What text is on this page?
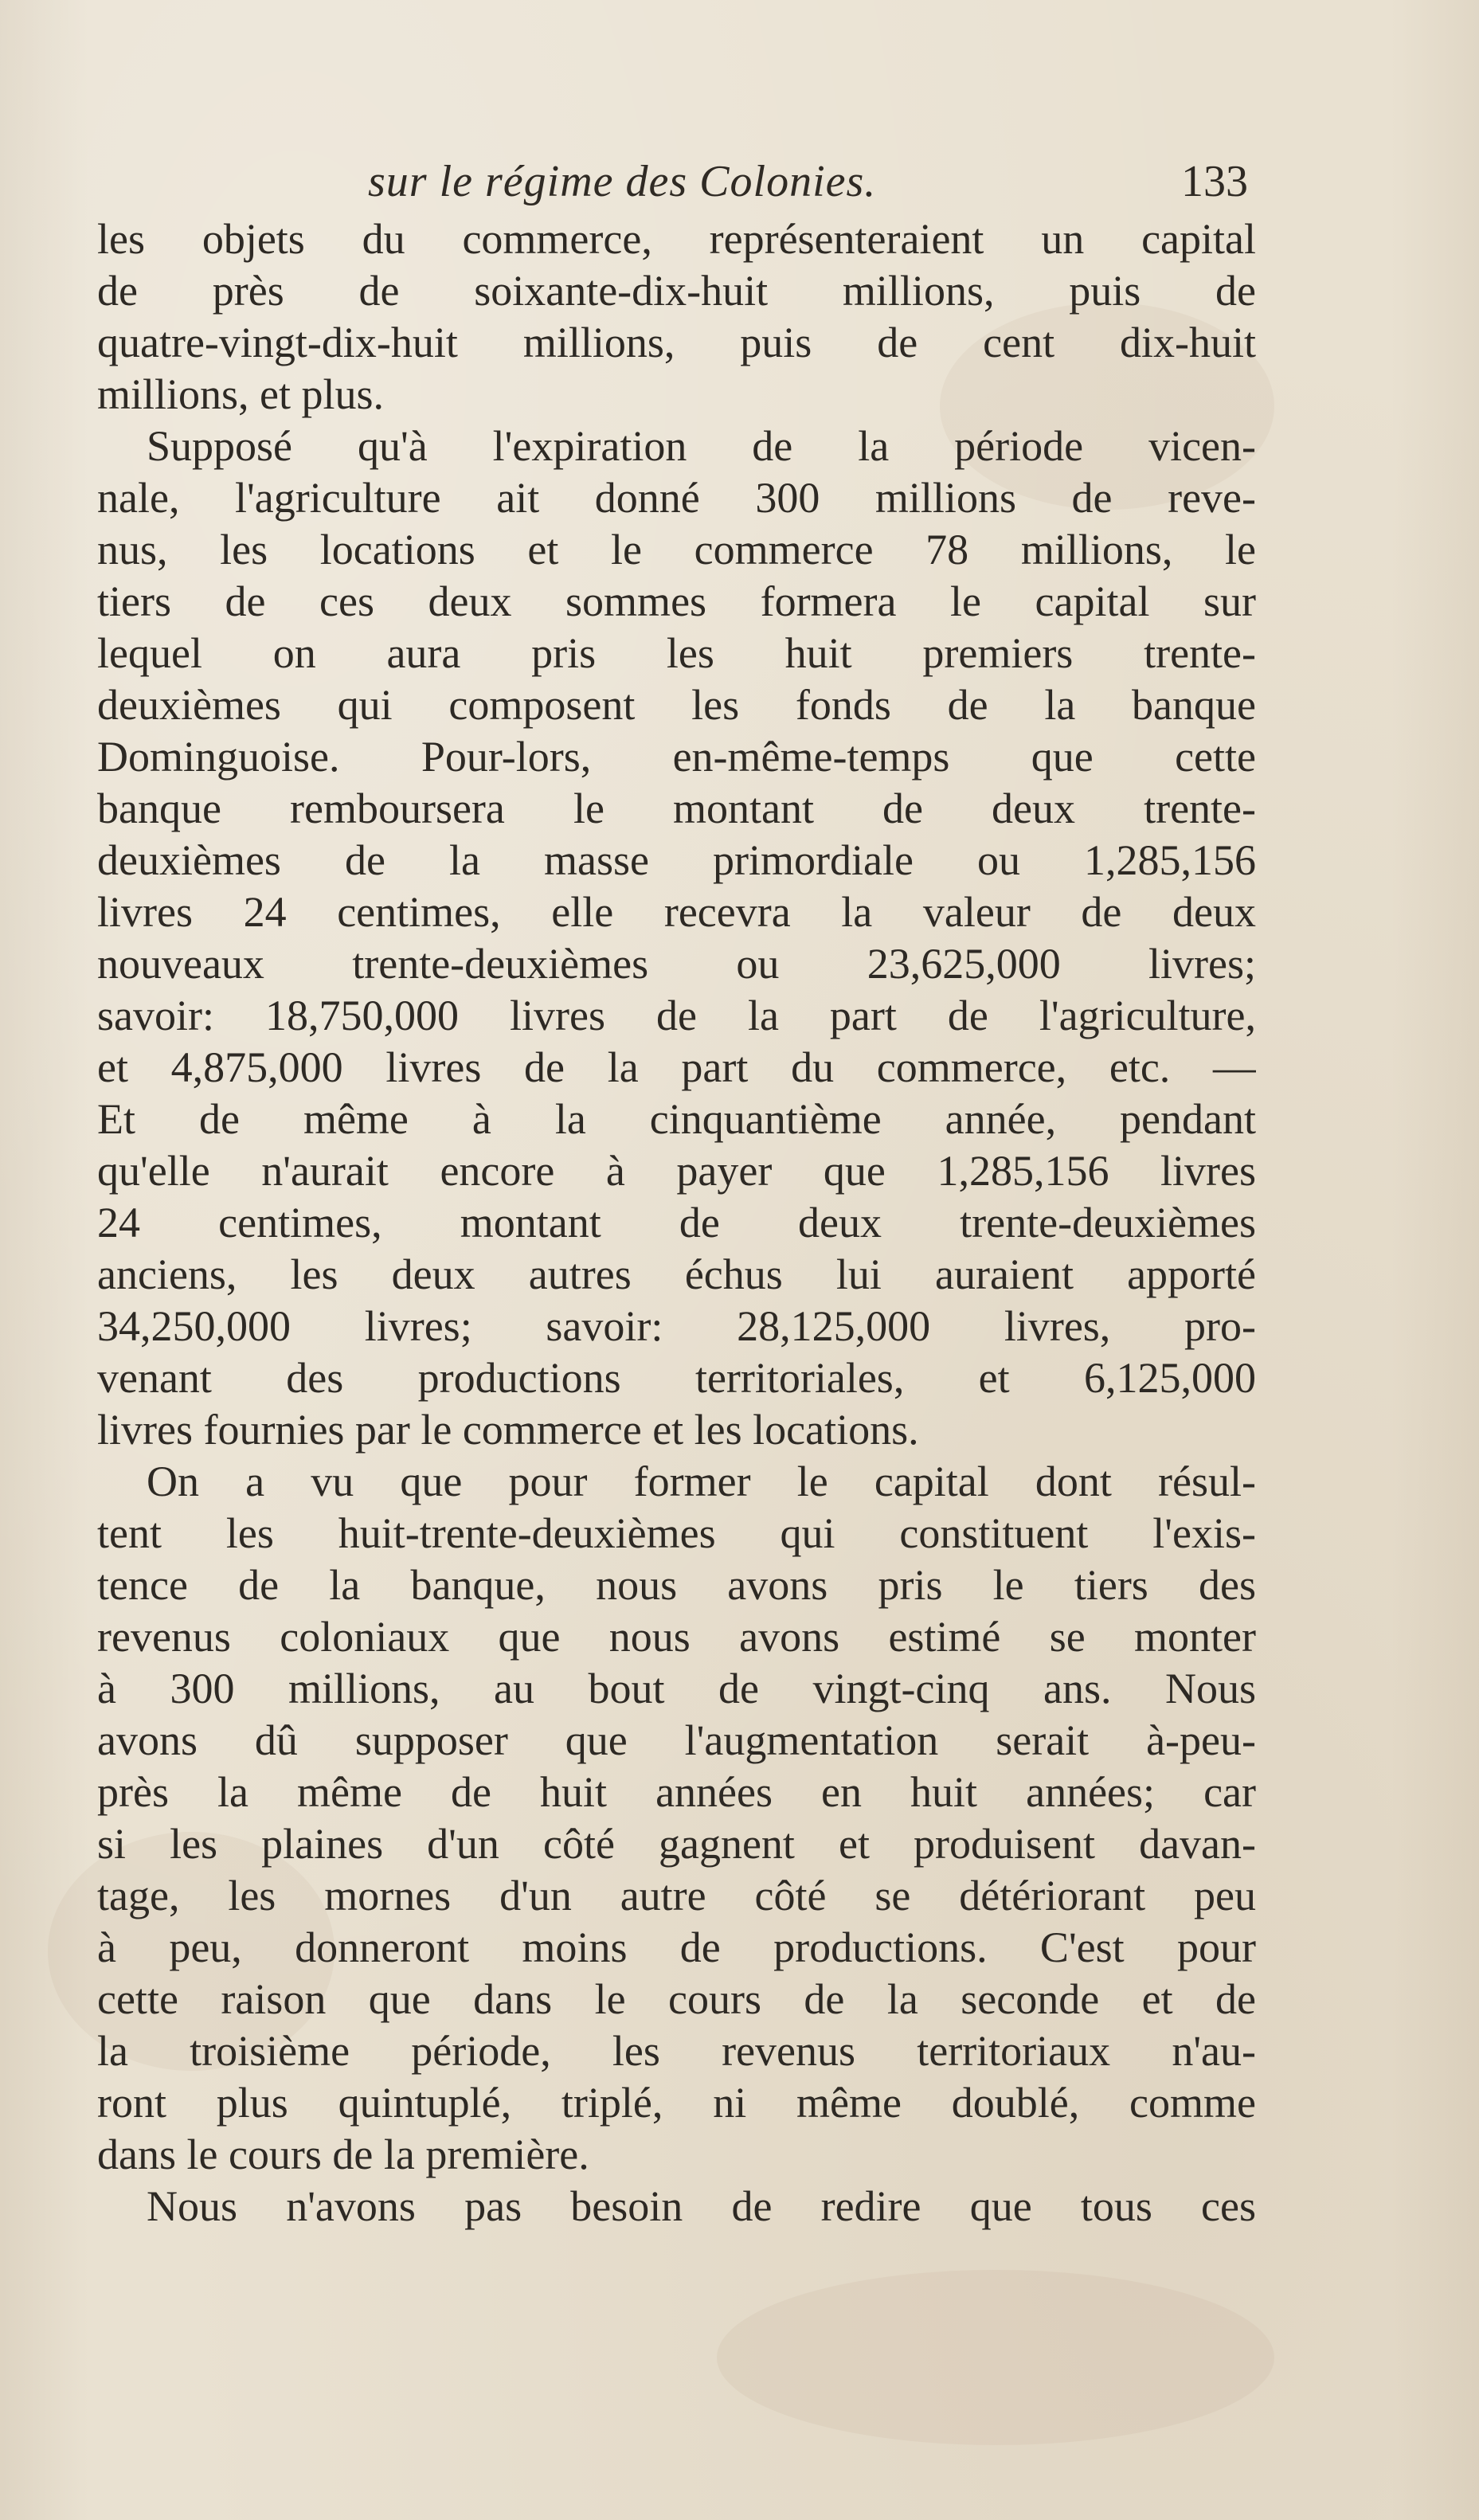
sur le régime des Colonies.	133
les objets du commerce, représenteraient un capital
de près de soixante-dix-huit millions, puis de
quatre-vingt-dix-huit millions, puis de cent dix-huit
millions, et plus.
Supposé qu'à l'expiration de la période vicen-
nale, l'agriculture ait donné 300 millions de reve-
nus, les locations et le commerce 78 millions, le
tiers de ces deux sommes formera le capital sur
lequel on aura pris les huit premiers trente-
deuxièmes qui composent les fonds de la banque
Dominguoise. Pour-lors, en-même-temps que cette
banque remboursera le montant de deux trente-
deuxièmes de la masse primordiale ou 1,285,156
livres 24 centimes, elle recevra la valeur de deux
nouveaux trente-deuxièmes ou 23,625,000 livres;
savoir: 18,750,000 livres de la part de l'agriculture,
et 4,875,000 livres de la part du commerce, etc. —
Et de même à la cinquantième année, pendant
qu'elle n'aurait encore à payer que 1,285,156 livres
24 centimes, montant de deux trente-deuxièmes
anciens, les deux autres échus lui auraient apporté
34,250,000 livres; savoir: 28,125,000 livres, pro-
venant des productions territoriales, et 6,125,000
livres fournies par le commerce et les locations.
On a vu que pour former le capital dont résul-
tent les huit-trente-deuxièmes qui constituent l'exis-
tence de la banque, nous avons pris le tiers des
revenus coloniaux que nous avons estimé se monter
à 300 millions, au bout de vingt-cinq ans. Nous
avons dû supposer que l'augmentation serait à-peu-
près la même de huit années en huit années; car
si les plaines d'un côté gagnent et produisent davan-
tage, les mornes d'un autre côté se détériorant peu
à peu, donneront moins de productions. C'est pour
cette raison que dans le cours de la seconde et de
la troisième période, les revenus territoriaux n'au-
ront plus quintuplé, triplé, ni même doublé, comme
dans le cours de la première.
Nous n'avons pas besoin de redire que tous ces
